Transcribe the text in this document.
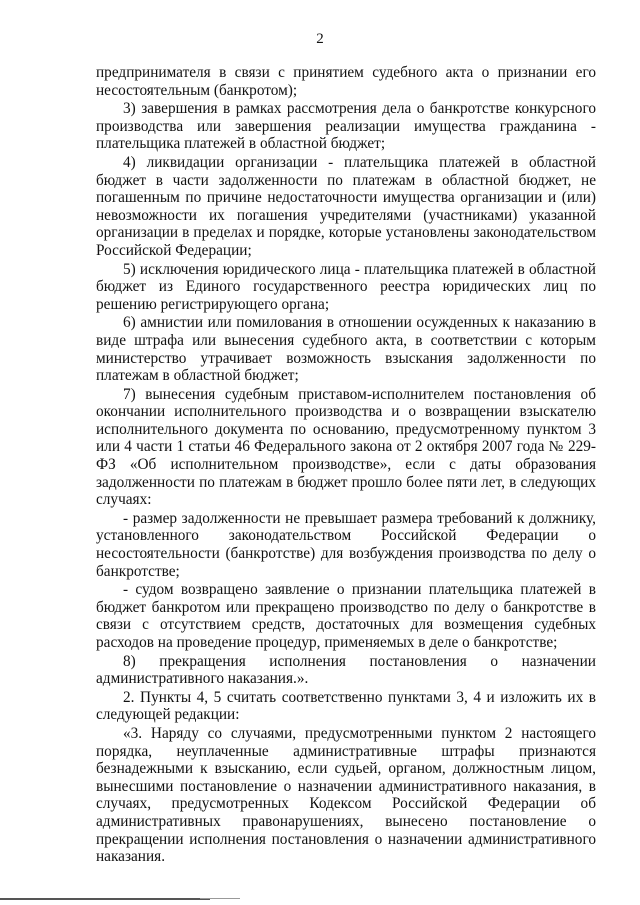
2

предпринимателя в связи с принятием судебного акта о признании его несостоятельным (банкротом);

3) завершения в рамках рассмотрения дела о банкротстве конкурсного производства или завершения реализации имущества гражданина - плательщика платежей в областной бюджет;

4) ликвидации организации - плательщика платежей в областной бюджет в части задолженности по платежам в областной бюджет, не погашенным по причине недостаточности имущества организации и (или) невозможности их погашения учредителями (участниками) указанной организации в пределах и порядке, которые установлены законодательством Российской Федерации;

5) исключения юридического лица - плательщика платежей в областной бюджет из Единого государственного реестра юридических лиц по решению регистрирующего органа;

6) амнистии или помилования в отношении осужденных к наказанию в виде штрафа или вынесения судебного акта, в соответствии с которым министерство утрачивает возможность взыскания задолженности по платежам в областной бюджет;

7) вынесения судебным приставом-исполнителем постановления об окончании исполнительного производства и о возвращении взыскателю исполнительного документа по основанию, предусмотренному пунктом 3 или 4 части 1 статьи 46 Федерального закона от 2 октября 2007 года № 229-ФЗ «Об исполнительном производстве», если с даты образования задолженности по платежам в бюджет прошло более пяти лет, в следующих случаях:

- размер задолженности не превышает размера требований к должнику, установленного законодательством Российской Федерации о несостоятельности (банкротстве) для возбуждения производства по делу о банкротстве;

- судом возвращено заявление о признании плательщика платежей в бюджет банкротом или прекращено производство по делу о банкротстве в связи с отсутствием средств, достаточных для возмещения судебных расходов на проведение процедур, применяемых в деле о банкротстве;

8) прекращения исполнения постановления о назначении административного наказания.».

2. Пункты 4, 5 считать соответственно пунктами 3, 4 и изложить их в следующей редакции:

«3. Наряду со случаями, предусмотренными пунктом 2 настоящего порядка, неуплаченные административные штрафы признаются безнадежными к взысканию, если судьей, органом, должностным лицом, вынесшими постановление о назначении административного наказания, в случаях, предусмотренных Кодексом Российской Федерации об административных правонарушениях, вынесено постановление о прекращении исполнения постановления о назначении административного наказания.
